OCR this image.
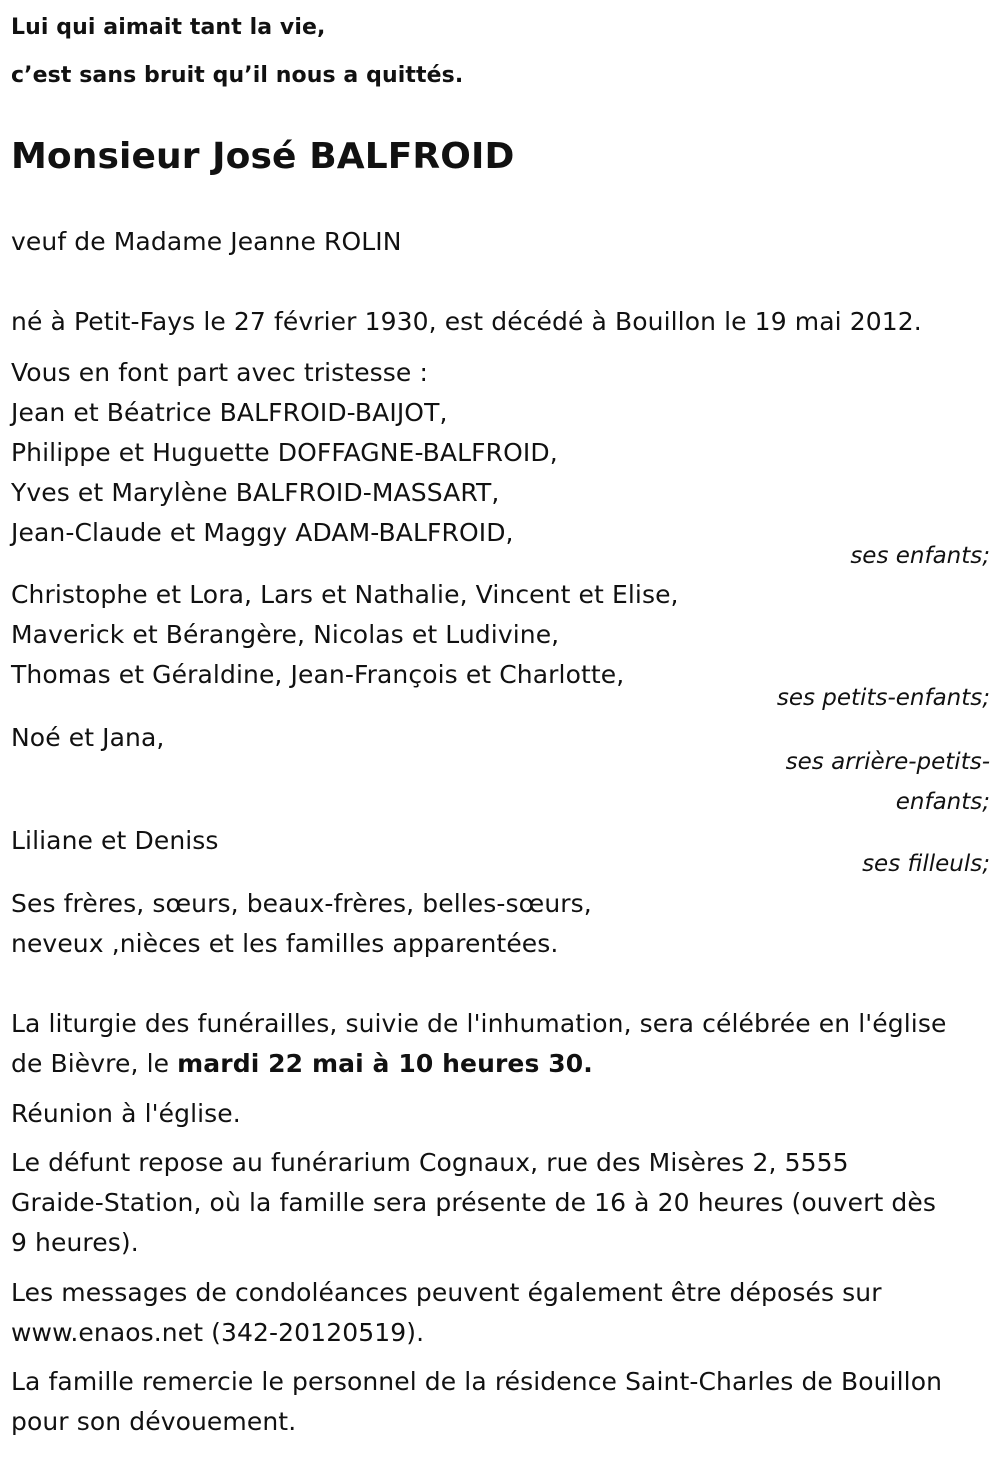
Lui qui aimait tant la vie,
c’est sans bruit qu’il nous a quittés.
Monsieur José BALFROID
veuf de Madame Jeanne ROLIN
né à Petit-Fays le 27 février 1930, est décédé à Bouillon le 19 mai 2012.
Vous en font part avec tristesse :
Jean et Béatrice BALFROID-BAIJOT,
Philippe et Huguette DOFFAGNE-BALFROID,
Yves et Marylène BALFROID-MASSART,
Jean-Claude et Maggy ADAM-BALFROID,
ses enfants;
Christophe et Lora, Lars et Nathalie, Vincent et Elise,
Maverick et Bérangère, Nicolas et Ludivine,
Thomas et Géraldine, Jean-François et Charlotte,
ses petits-enfants;
Noé et Jana,
ses arrière-petits-
enfants;
Liliane et Deniss
ses filleuls;
Ses frères, sœurs, beaux-frères, belles-sœurs,
neveux ,nièces et les familles apparentées.
La liturgie des funérailles, suivie de l'inhumation, sera célébrée en l'église
de Bièvre, le mardi 22 mai à 10 heures 30.
Réunion à l'église.
Le défunt repose au funérarium Cognaux, rue des Misères 2, 5555
Graide-Station, où la famille sera présente de 16 à 20 heures (ouvert dès
9 heures).
Les messages de condoléances peuvent également être déposés sur
www.enaos.net (342-20120519).
La famille remercie le personnel de la résidence Saint-Charles de Bouillon
pour son dévouement.
